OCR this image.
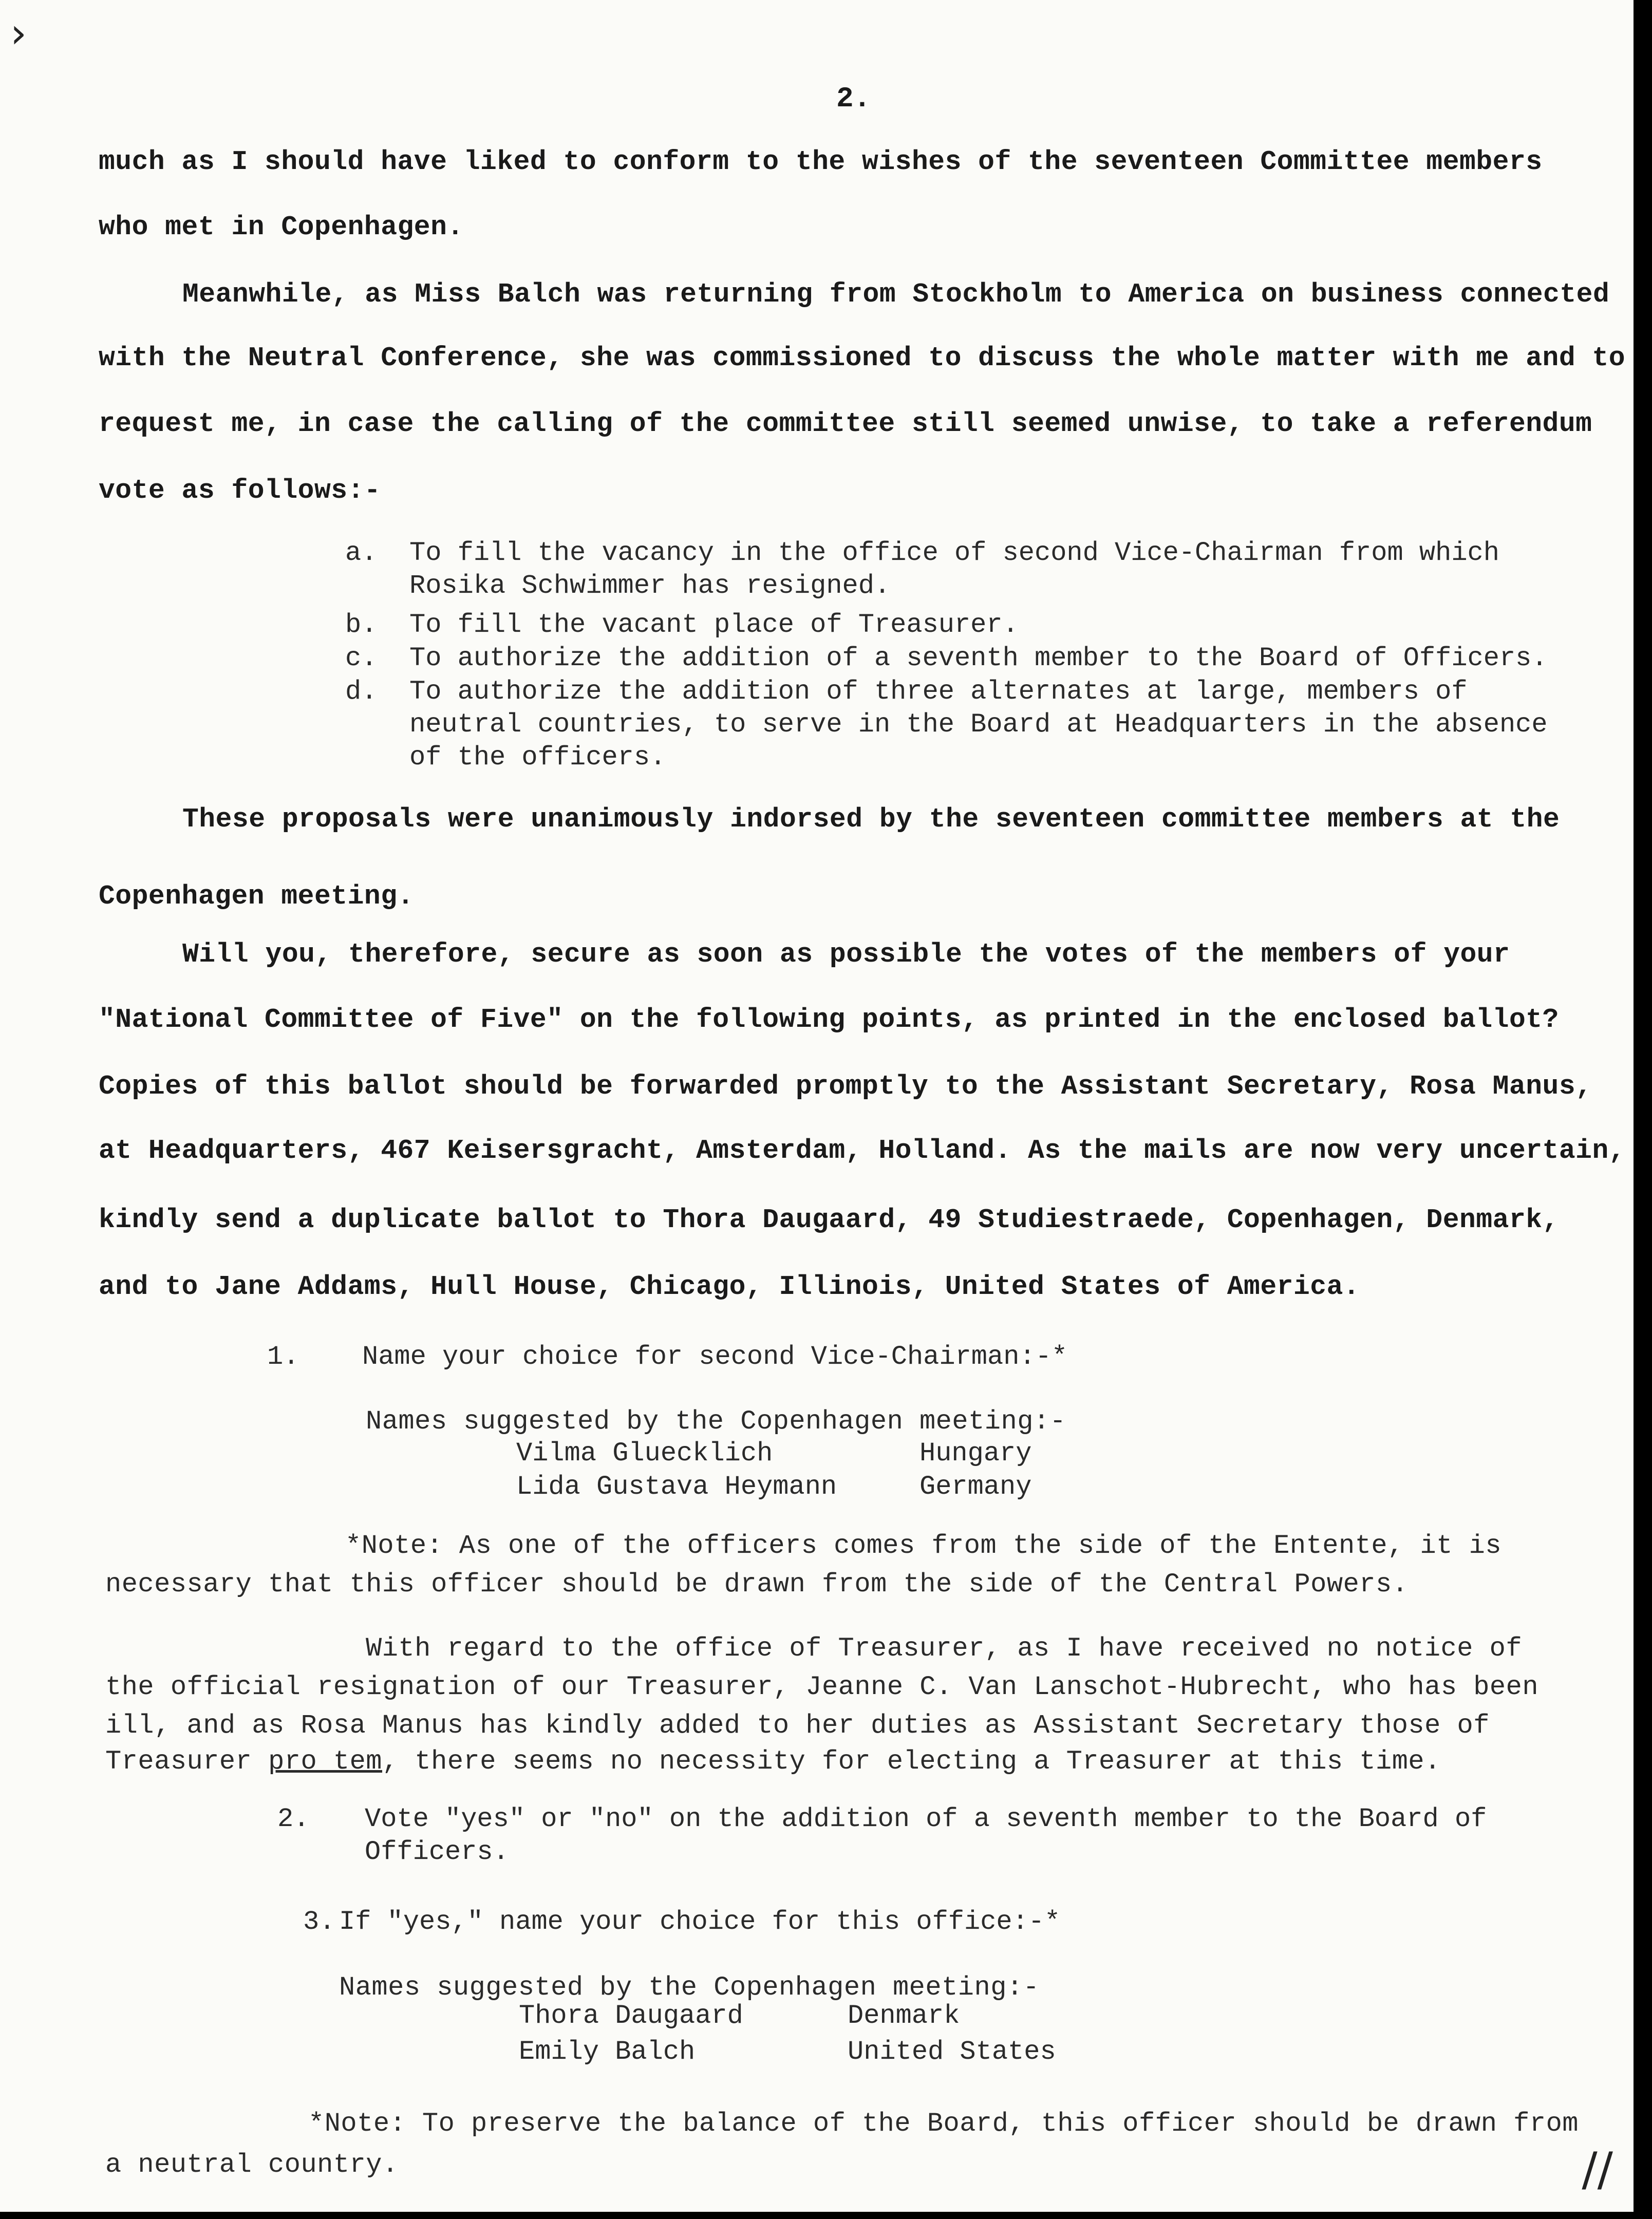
›
2.
much as I should have liked to conform to the wishes of the seventeen Committee members
who met in Copenhagen.
Meanwhile, as Miss Balch was returning from Stockholm to America on business connected
with the Neutral Conference, she was commissioned to discuss the whole matter with me and to
request me, in case the calling of the committee still seemed unwise, to take a referendum
vote as follows:-
a. To fill the vacancy in the office of second Vice-Chairman from which
Rosika Schwimmer has resigned.
b. To fill the vacant place of Treasurer.
c. To authorize the addition of a seventh member to the Board of Officers.
d. To authorize the addition of three alternates at large, members of
neutral countries, to serve in the Board at Headquarters in the absence
of the officers.
These proposals were unanimously indorsed by the seventeen committee members at the
Copenhagen meeting.
Will you, therefore, secure as soon as possible the votes of the members of your
"National Committee of Five" on the following points, as printed in the enclosed ballot?
Copies of this ballot should be forwarded promptly to the Assistant Secretary, Rosa Manus,
at Headquarters, 467 Keisersgracht, Amsterdam, Holland. As the mails are now very uncertain,
kindly send a duplicate ballot to Thora Daugaard, 49 Studiestraede, Copenhagen, Denmark,
and to Jane Addams, Hull House, Chicago, Illinois, United States of America.
1. Name your choice for second Vice-Chairman:-*
Names suggested by the Copenhagen meeting:-
Vilma Gluecklich	Hungary
Lida Gustava Heymann	Germany
*Note: As one of the officers comes from the side of the Entente, it is
necessary that this officer should be drawn from the side of the Central Powers.
With regard to the office of Treasurer, as I have received no notice of
the official resignation of our Treasurer, Jeanne C. Van Lanschot-Hubrecht, who has been
ill, and as Rosa Manus has kindly added to her duties as Assistant Secretary those of
Treasurer pro tem, there seems no necessity for electing a Treasurer at this time.
2. Vote "yes" or "no" on the addition of a seventh member to the Board of
Officers.
3. If "yes," name your choice for this office:-*
Names suggested by the Copenhagen meeting:-
Thora Daugaard	Denmark
Emily Balch	United States
*Note: To preserve the balance of the Board, this officer should be drawn from
a neutral country.	//
